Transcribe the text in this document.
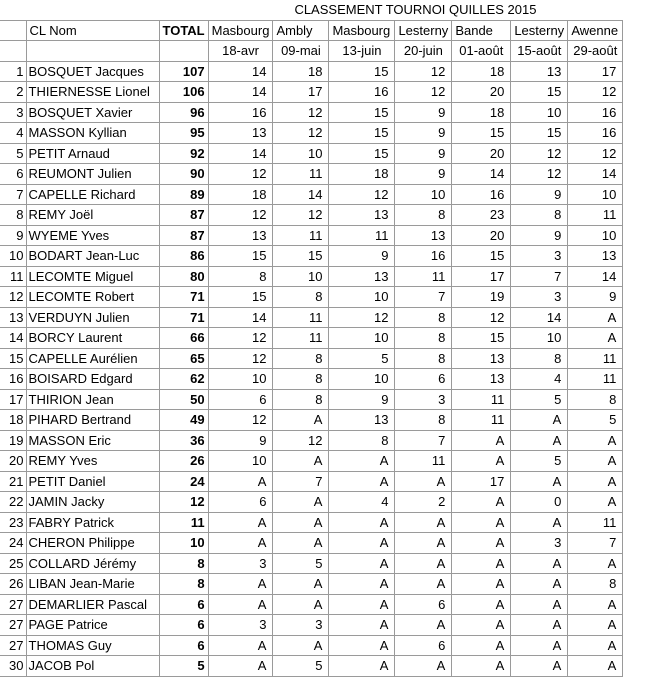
			CLASSEMENT TOURNOI QUILLES 2015						
	CL Nom	TOTAL	Masbourg	Ambly	Masbourg	Lesterny	Bande	Lesterny	Awenne
			18-avr	09-mai	13-juin	20-juin	01-août	15-août	29-août
1	BOSQUET Jacques	107	14	18	15	12	18	13	17
2	THIERNESSE Lionel	106	14	17	16	12	20	15	12
3	BOSQUET Xavier	96	16	12	15	9	18	10	16
4	MASSON Kyllian	95	13	12	15	9	15	15	16
5	PETIT Arnaud	92	14	10	15	9	20	12	12
6	REUMONT Julien	90	12	11	18	9	14	12	14
7	CAPELLE Richard	89	18	14	12	10	16	9	10
8	REMY Joël	87	12	12	13	8	23	8	11
9	WYEME Yves	87	13	11	11	13	20	9	10
10	BODART Jean-Luc	86	15	15	9	16	15	3	13
11	LECOMTE Miguel	80	8	10	13	11	17	7	14
12	LECOMTE Robert	71	15	8	10	7	19	3	9
13	VERDUYN Julien	71	14	11	12	8	12	14	A
14	BORCY Laurent	66	12	11	10	8	15	10	A
15	CAPELLE Aurélien	65	12	8	5	8	13	8	11
16	BOISARD Edgard	62	10	8	10	6	13	4	11
17	THIRION Jean	50	6	8	9	3	11	5	8
18	PIHARD Bertrand	49	12	A	13	8	11	A	5
19	MASSON Eric	36	9	12	8	7	A	A	A
20	REMY Yves	26	10	A	A	11	A	5	A
21	PETIT Daniel	24	A	7	A	A	17	A	A
22	JAMIN Jacky	12	6	A	4	2	A	0	A
23	FABRY Patrick	11	A	A	A	A	A	A	11
24	CHERON Philippe	10	A	A	A	A	A	3	7
25	COLLARD Jérémy	8	3	5	A	A	A	A	A
26	LIBAN Jean-Marie	8	A	A	A	A	A	A	8
27	DEMARLIER Pascal	6	A	A	A	6	A	A	A
27	PAGE Patrice	6	3	3	A	A	A	A	A
27	THOMAS Guy	6	A	A	A	6	A	A	A
30	JACOB Pol	5	A	5	A	A	A	A	A
